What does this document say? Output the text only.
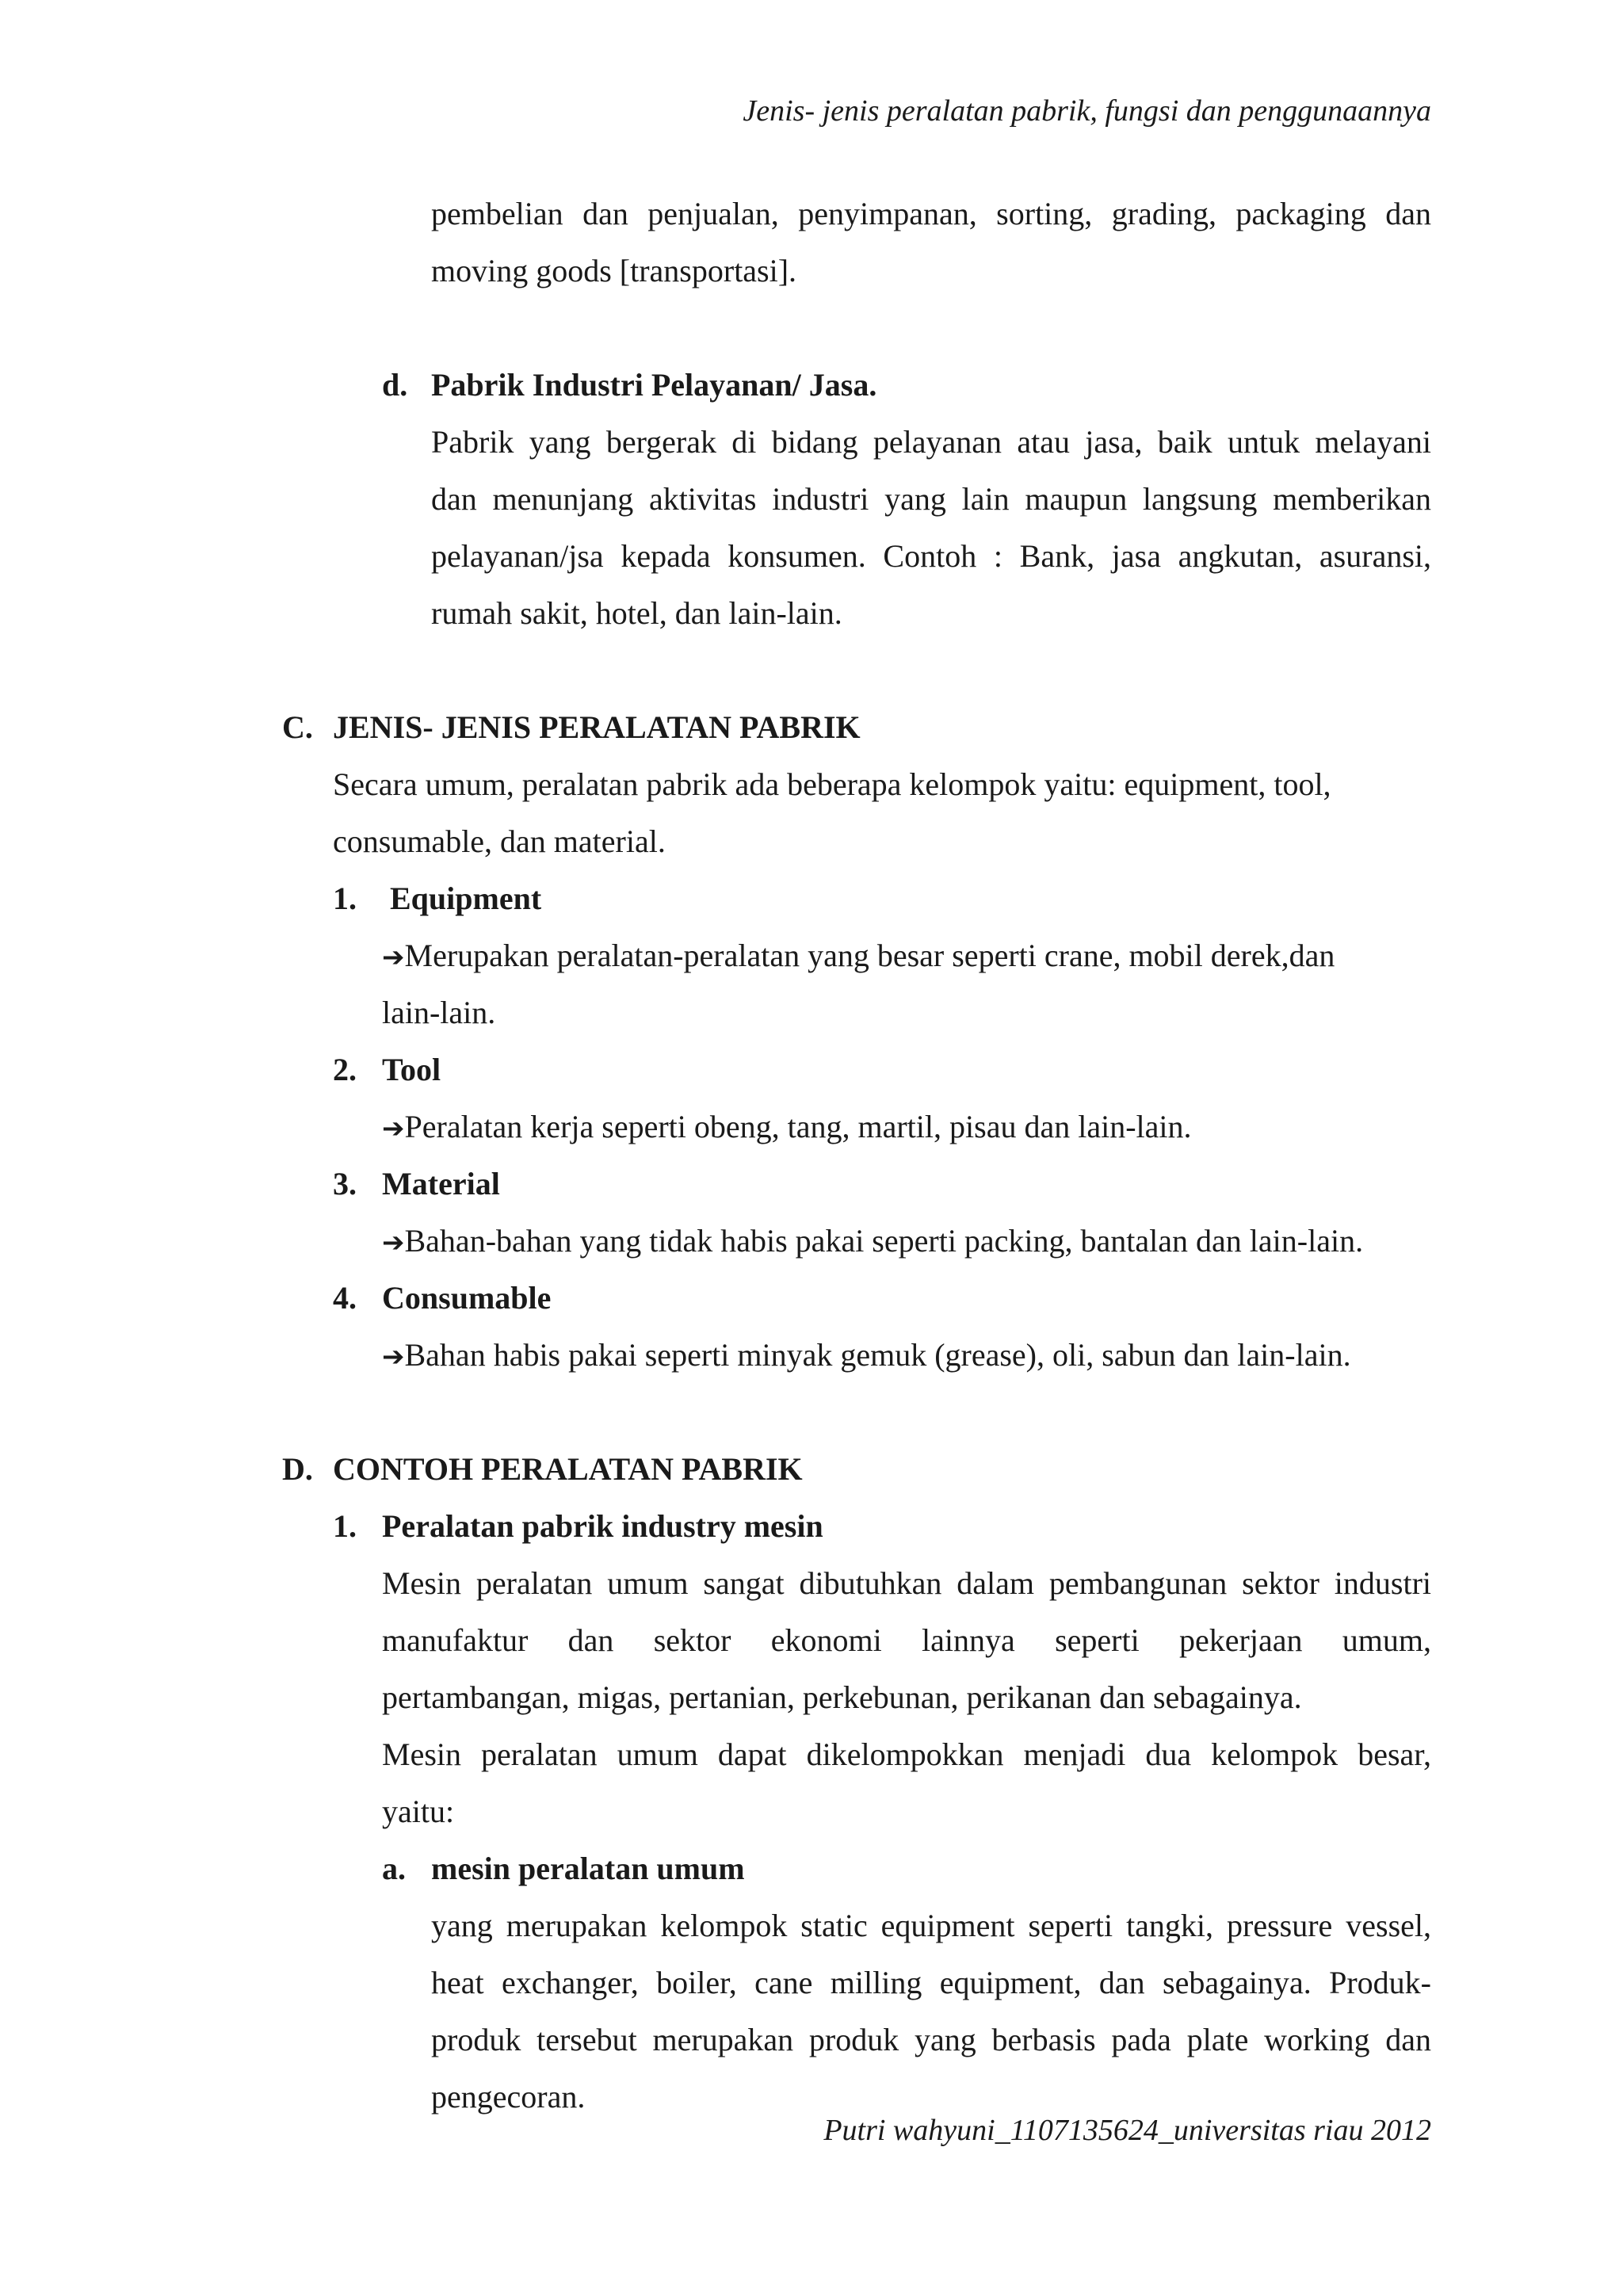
Jenis- jenis peralatan pabrik, fungsi dan penggunaannya
pembelian dan penjualan, penyimpanan, sorting, grading, packaging dan
moving goods [transportasi].
d. Pabrik Industri Pelayanan/ Jasa.
Pabrik yang bergerak di bidang pelayanan atau jasa, baik untuk melayani
dan menunjang aktivitas industri yang lain maupun langsung memberikan
pelayanan/jsa kepada konsumen. Contoh : Bank, jasa angkutan, asuransi,
rumah sakit, hotel, dan lain-lain.
C. JENIS- JENIS PERALATAN PABRIK
Secara umum, peralatan pabrik ada beberapa kelompok yaitu: equipment, tool,
consumable, dan material.
1. Equipment
➔Merupakan peralatan-peralatan yang besar seperti crane, mobil derek,dan
lain-lain.
2. Tool
➔Peralatan kerja seperti obeng, tang, martil, pisau dan lain-lain.
3. Material
➔Bahan-bahan yang tidak habis pakai seperti packing, bantalan dan lain-lain.
4. Consumable
➔Bahan habis pakai seperti minyak gemuk (grease), oli, sabun dan lain-lain.
D. CONTOH PERALATAN PABRIK
1. Peralatan pabrik industry mesin
Mesin peralatan umum sangat dibutuhkan dalam pembangunan sektor industri
manufaktur dan sektor ekonomi lainnya seperti pekerjaan umum,
pertambangan, migas, pertanian, perkebunan, perikanan dan sebagainya.
Mesin peralatan umum dapat dikelompokkan menjadi dua kelompok besar,
yaitu:
a. mesin peralatan umum
yang merupakan kelompok static equipment seperti tangki, pressure vessel,
heat exchanger, boiler, cane milling equipment, dan sebagainya. Produk-
produk tersebut merupakan produk yang berbasis pada plate working dan
pengecoran.
Putri wahyuni_1107135624_universitas riau 2012
